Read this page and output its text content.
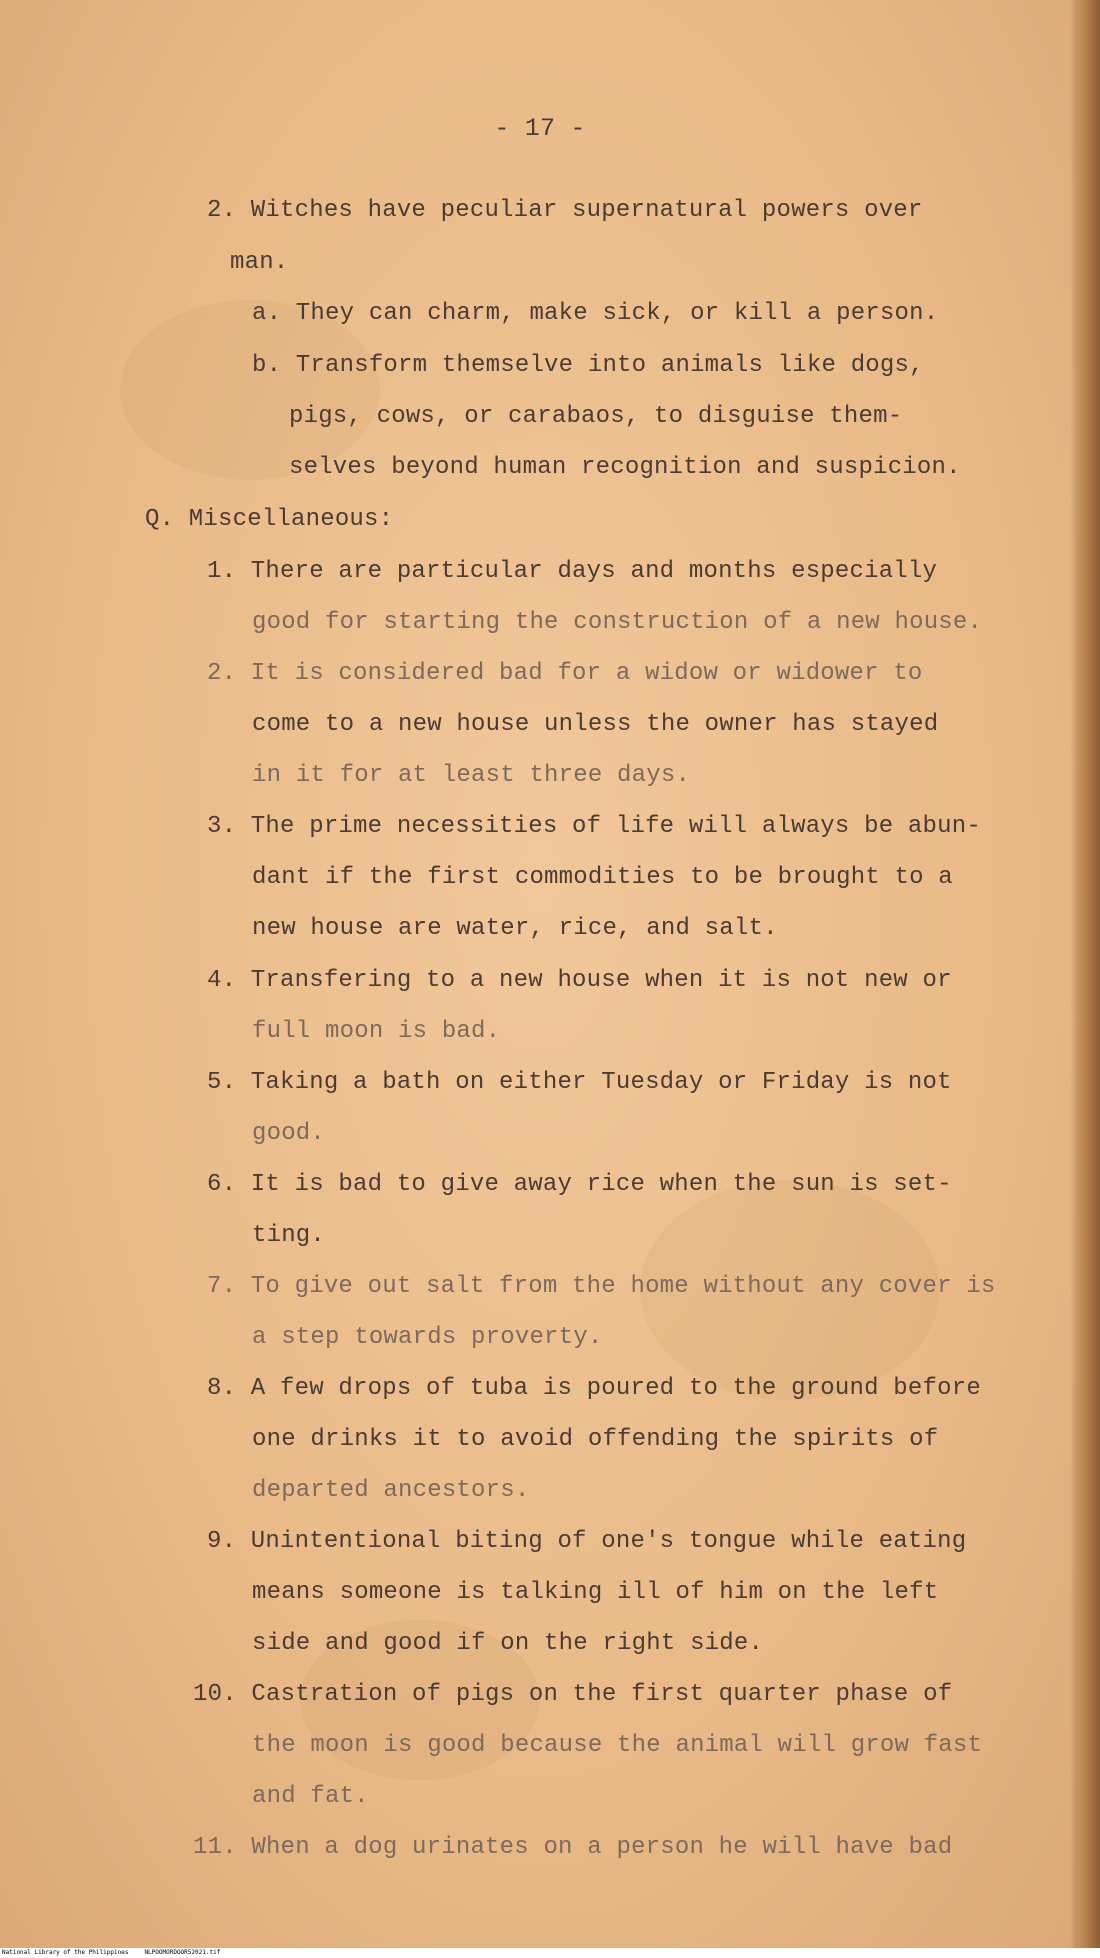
- 17 -
2. Witches have peculiar supernatural powers over
man.
a. They can charm, make sick, or kill a person.
b. Transform themselve into animals like dogs,
pigs, cows, or carabaos, to disguise them-
selves beyond human recognition and suspicion.
Q. Miscellaneous:
1. There are particular days and months especially
good for starting the construction of a new house.
2. It is considered bad for a widow or widower to
come to a new house unless the owner has stayed
in it for at least three days.
3. The prime necessities of life will always be abun-
dant if the first commodities to be brought to a
new house are water, rice, and salt.
4. Transfering to a new house when it is not new or
full moon is bad.
5. Taking a bath on either Tuesday or Friday is not
good.
6. It is bad to give away rice when the sun is set-
ting.
7. To give out salt from the home without any cover is
a step towards proverty.
8. A few drops of tuba is poured to the ground before
one drinks it to avoid offending the spirits of
departed ancestors.
9. Unintentional biting of one's tongue while eating
means someone is talking ill of him on the left
side and good if on the right side.
10. Castration of pigs on the first quarter phase of
the moon is good because the animal will grow fast
and fat.
11. When a dog urinates on a person he will have bad
National Library of the Philippines	NLPOOMORDOOR52021.tif
